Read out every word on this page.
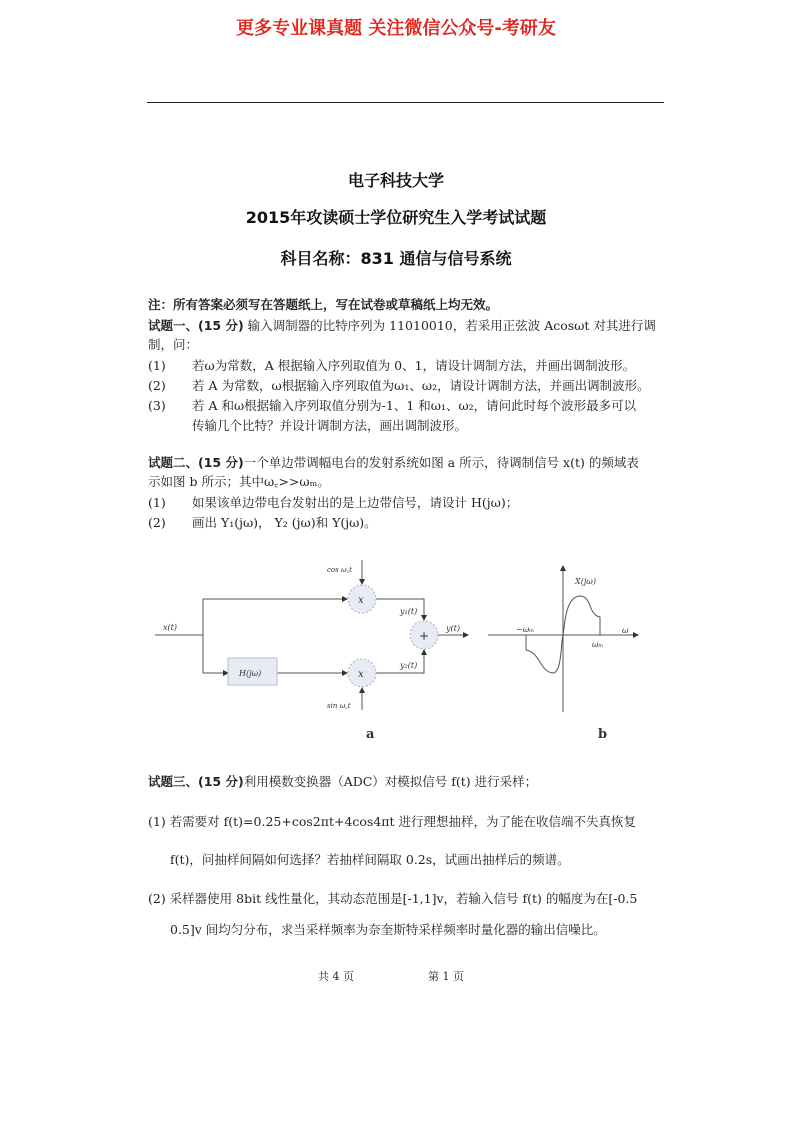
更多专业课真题 关注微信公众号-考研友
电子科技大学
2015年攻读硕士学位研究生入学考试试题
科目名称：831 通信与信号系统
注：所有答案必须写在答题纸上，写在试卷或草稿纸上均无效。
试题一、(15 分) 输入调制器的比特序列为 11010010，若采用正弦波 Acosωt 对其进行调
制，问：
(1) 若ω为常数，A 根据输入序列取值为 0、1，请设计调制方法，并画出调制波形。
(2) 若 A 为常数，ω根据输入序列取值为ω₁、ω₂，请设计调制方法，并画出调制波形。
(3) 若 A 和ω根据输入序列取值分别为-1、1 和ω₁、ω₂，请问此时每个波形最多可以
传输几个比特？并设计调制方法，画出调制波形。
试题二、(15 分)一个单边带调幅电台的发射系统如图 a 所示，待调制信号 x(t) 的频域表
示如图 b 所示；其中ω꜀>>ωₘ。
(1) 如果该单边带电台发射出的是上边带信号，请设计 H(jω)；
(2) 画出 Y₁(jω)， Y₂ (jω)和 Y(jω)。
x
x
+
H(jω)
x(t)
cos ω꜀t
sin ω꜀t
y₁(t)
y₂(t)
y(t)
a
X(jω)
−ωₘ
ωₘ
ω
b
试题三、(15 分)利用模数变换器（ADC）对模拟信号 f(t) 进行采样；
(1) 若需要对 f(t)=0.25+cos2πt+4cos4πt 进行理想抽样，为了能在收信端不失真恢复
f(t)，问抽样间隔如何选择？若抽样间隔取 0.2s，试画出抽样后的频谱。
(2) 采样器使用 8bit 线性量化，其动态范围是[-1,1]v，若输入信号 f(t) 的幅度为在[-0.5
0.5]v 间均匀分布，求当采样频率为奈奎斯特采样频率时量化器的输出信噪比。
共 4 页	第 1 页
